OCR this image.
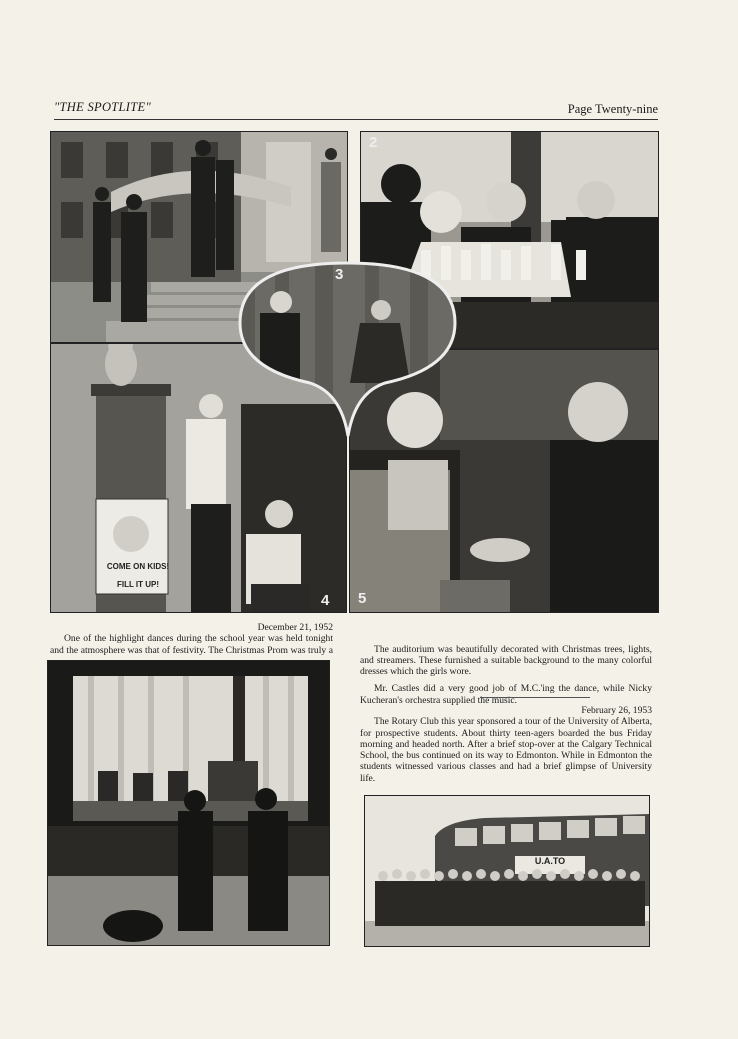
"THE SPOTLITE"	Page Twenty-nine
2
COME ON KIDS!
FILL IT UP!
4 5
3

December 21, 1952

One of the highlight dances during the school year was held tonight and the atmosphere was that of festivity. The Christmas Prom was truly a	The auditorium was beautifully decorated with Christmas trees, lights, and streamers. These furnished a suitable background to the many colorful dresses which the girls wore.

Mr. Castles did a very good job of M.C.'ing the dance, while Nicky Kucheran's orchestra supplied the music.

February 26, 1953

The Rotary Club this year sponsored a tour of the University of Alberta, for prospective students. About thirty teen-agers boarded the bus Friday morning and headed north. After a brief stop-over at the Calgary Technical School, the bus continued on its way to Edmonton. While in Edmonton the students witnessed various classes and had a brief glimpse of University life.

U.A.TO
